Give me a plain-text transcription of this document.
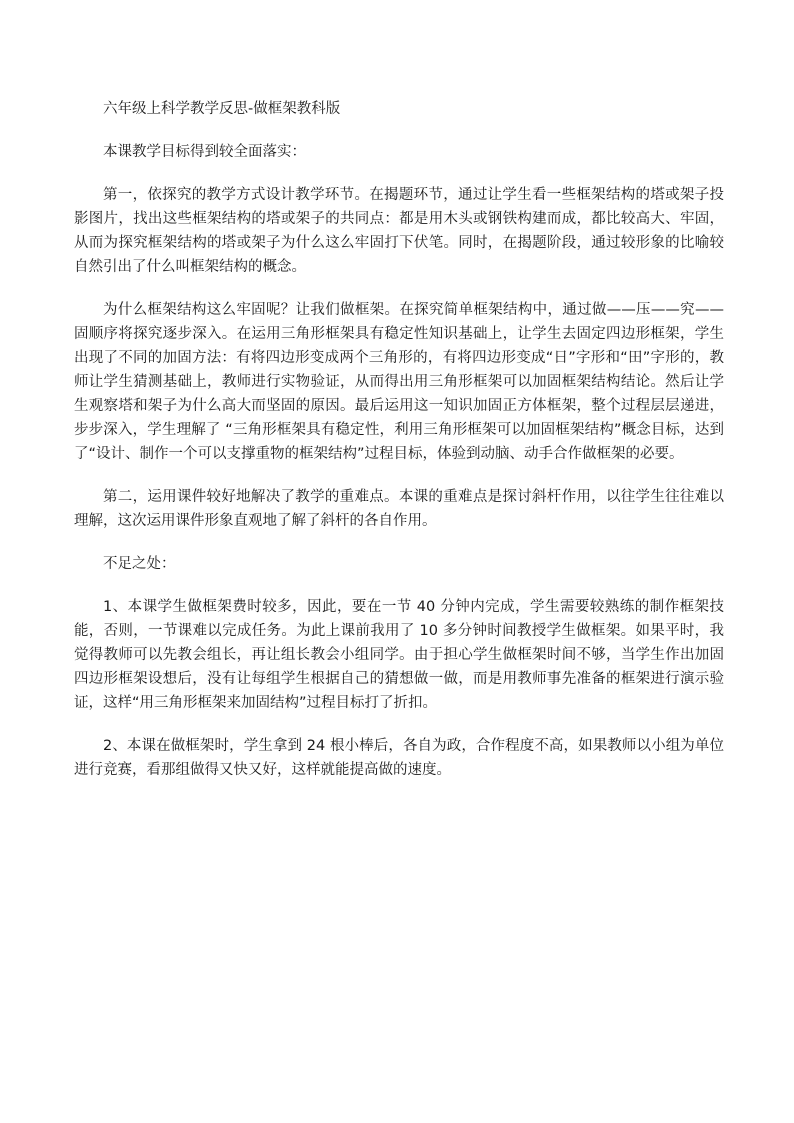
六年级上科学教学反思-做框架教科版

本课教学目标得到较全面落实：

第一，依探究的教学方式设计教学环节。在揭题环节，通过让学生看一些框架结构的塔或架子投影图片，找出这些框架结构的塔或架子的共同点：都是用木头或钢铁构建而成，都比较高大、牢固，从而为探究框架结构的塔或架子为什么这么牢固打下伏笔。同时，在揭题阶段，通过较形象的比喻较自然引出了什么叫框架结构的概念。

为什么框架结构这么牢固呢？让我们做框架。在探究简单框架结构中，通过做——压——究——固顺序将探究逐步深入。在运用三角形框架具有稳定性知识基础上，让学生去固定四边形框架，学生出现了不同的加固方法：有将四边形变成两个三角形的，有将四边形变成“日”字形和“田”字形的，教师让学生猜测基础上，教师进行实物验证，从而得出用三角形框架可以加固框架结构结论。然后让学生观察塔和架子为什么高大而坚固的原因。最后运用这一知识加固正方体框架，整个过程层层递进，步步深入，学生理解了 “三角形框架具有稳定性，利用三角形框架可以加固框架结构”概念目标，达到了“设计、制作一个可以支撑重物的框架结构”过程目标，体验到动脑、动手合作做框架的必要。

第二，运用课件较好地解决了教学的重难点。本课的重难点是探讨斜杆作用，以往学生往往难以理解，这次运用课件形象直观地了解了斜杆的各自作用。

不足之处：

1、本课学生做框架费时较多，因此，要在一节 40 分钟内完成，学生需要较熟练的制作框架技能，否则，一节课难以完成任务。为此上课前我用了 10 多分钟时间教授学生做框架。如果平时，我觉得教师可以先教会组长，再让组长教会小组同学。由于担心学生做框架时间不够，当学生作出加固四边形框架设想后，没有让每组学生根据自己的猜想做一做，而是用教师事先准备的框架进行演示验证，这样“用三角形框架来加固结构”过程目标打了折扣。

2、本课在做框架时，学生拿到 24 根小棒后，各自为政，合作程度不高，如果教师以小组为单位进行竞赛，看那组做得又快又好，这样就能提高做的速度。
